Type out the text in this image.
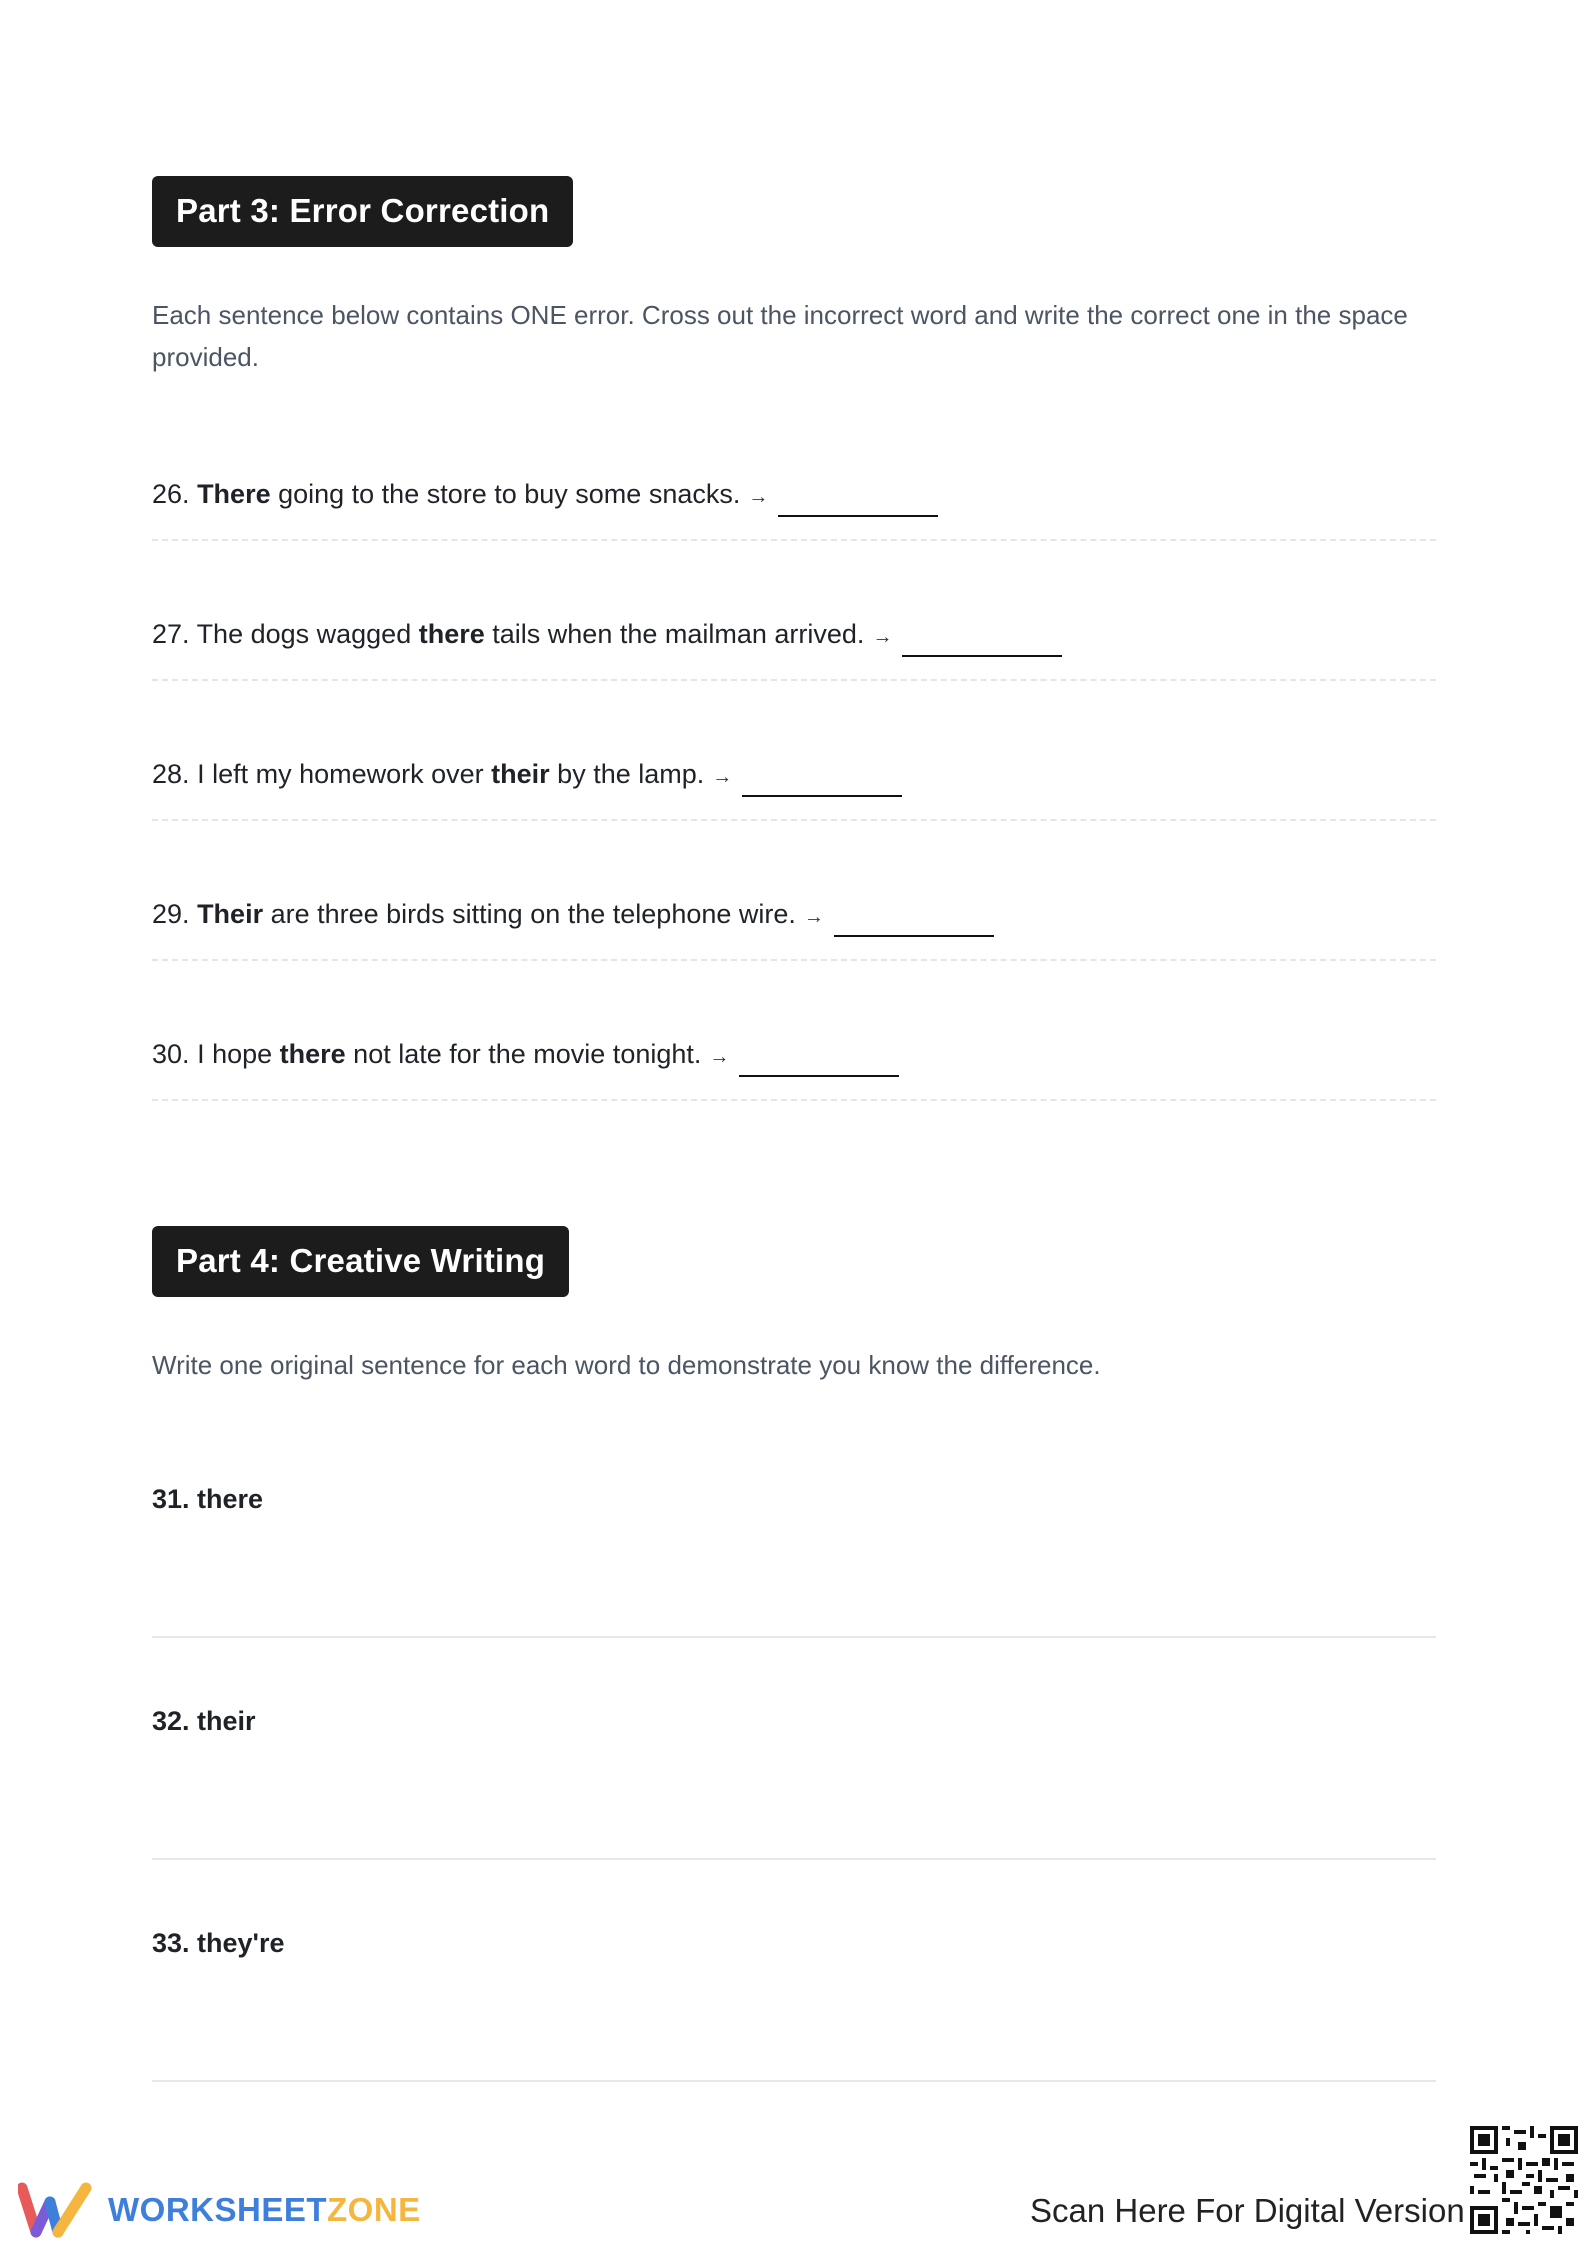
Part 3: Error Correction

Each sentence below contains ONE error. Cross out the incorrect word and write the correct one in the space provided.

26. There going to the store to buy some snacks. →
27. The dogs wagged there tails when the mailman arrived. →
28. I left my homework over their by the lamp. →
29. Their are three birds sitting on the telephone wire. →
30. I hope there not late for the movie tonight. →
Part 4: Creative Writing

Write one original sentence for each word to demonstrate you know the difference.

31. there
32. their
33. they're
WORKSHEETZONE	Scan Here For Digital Version
